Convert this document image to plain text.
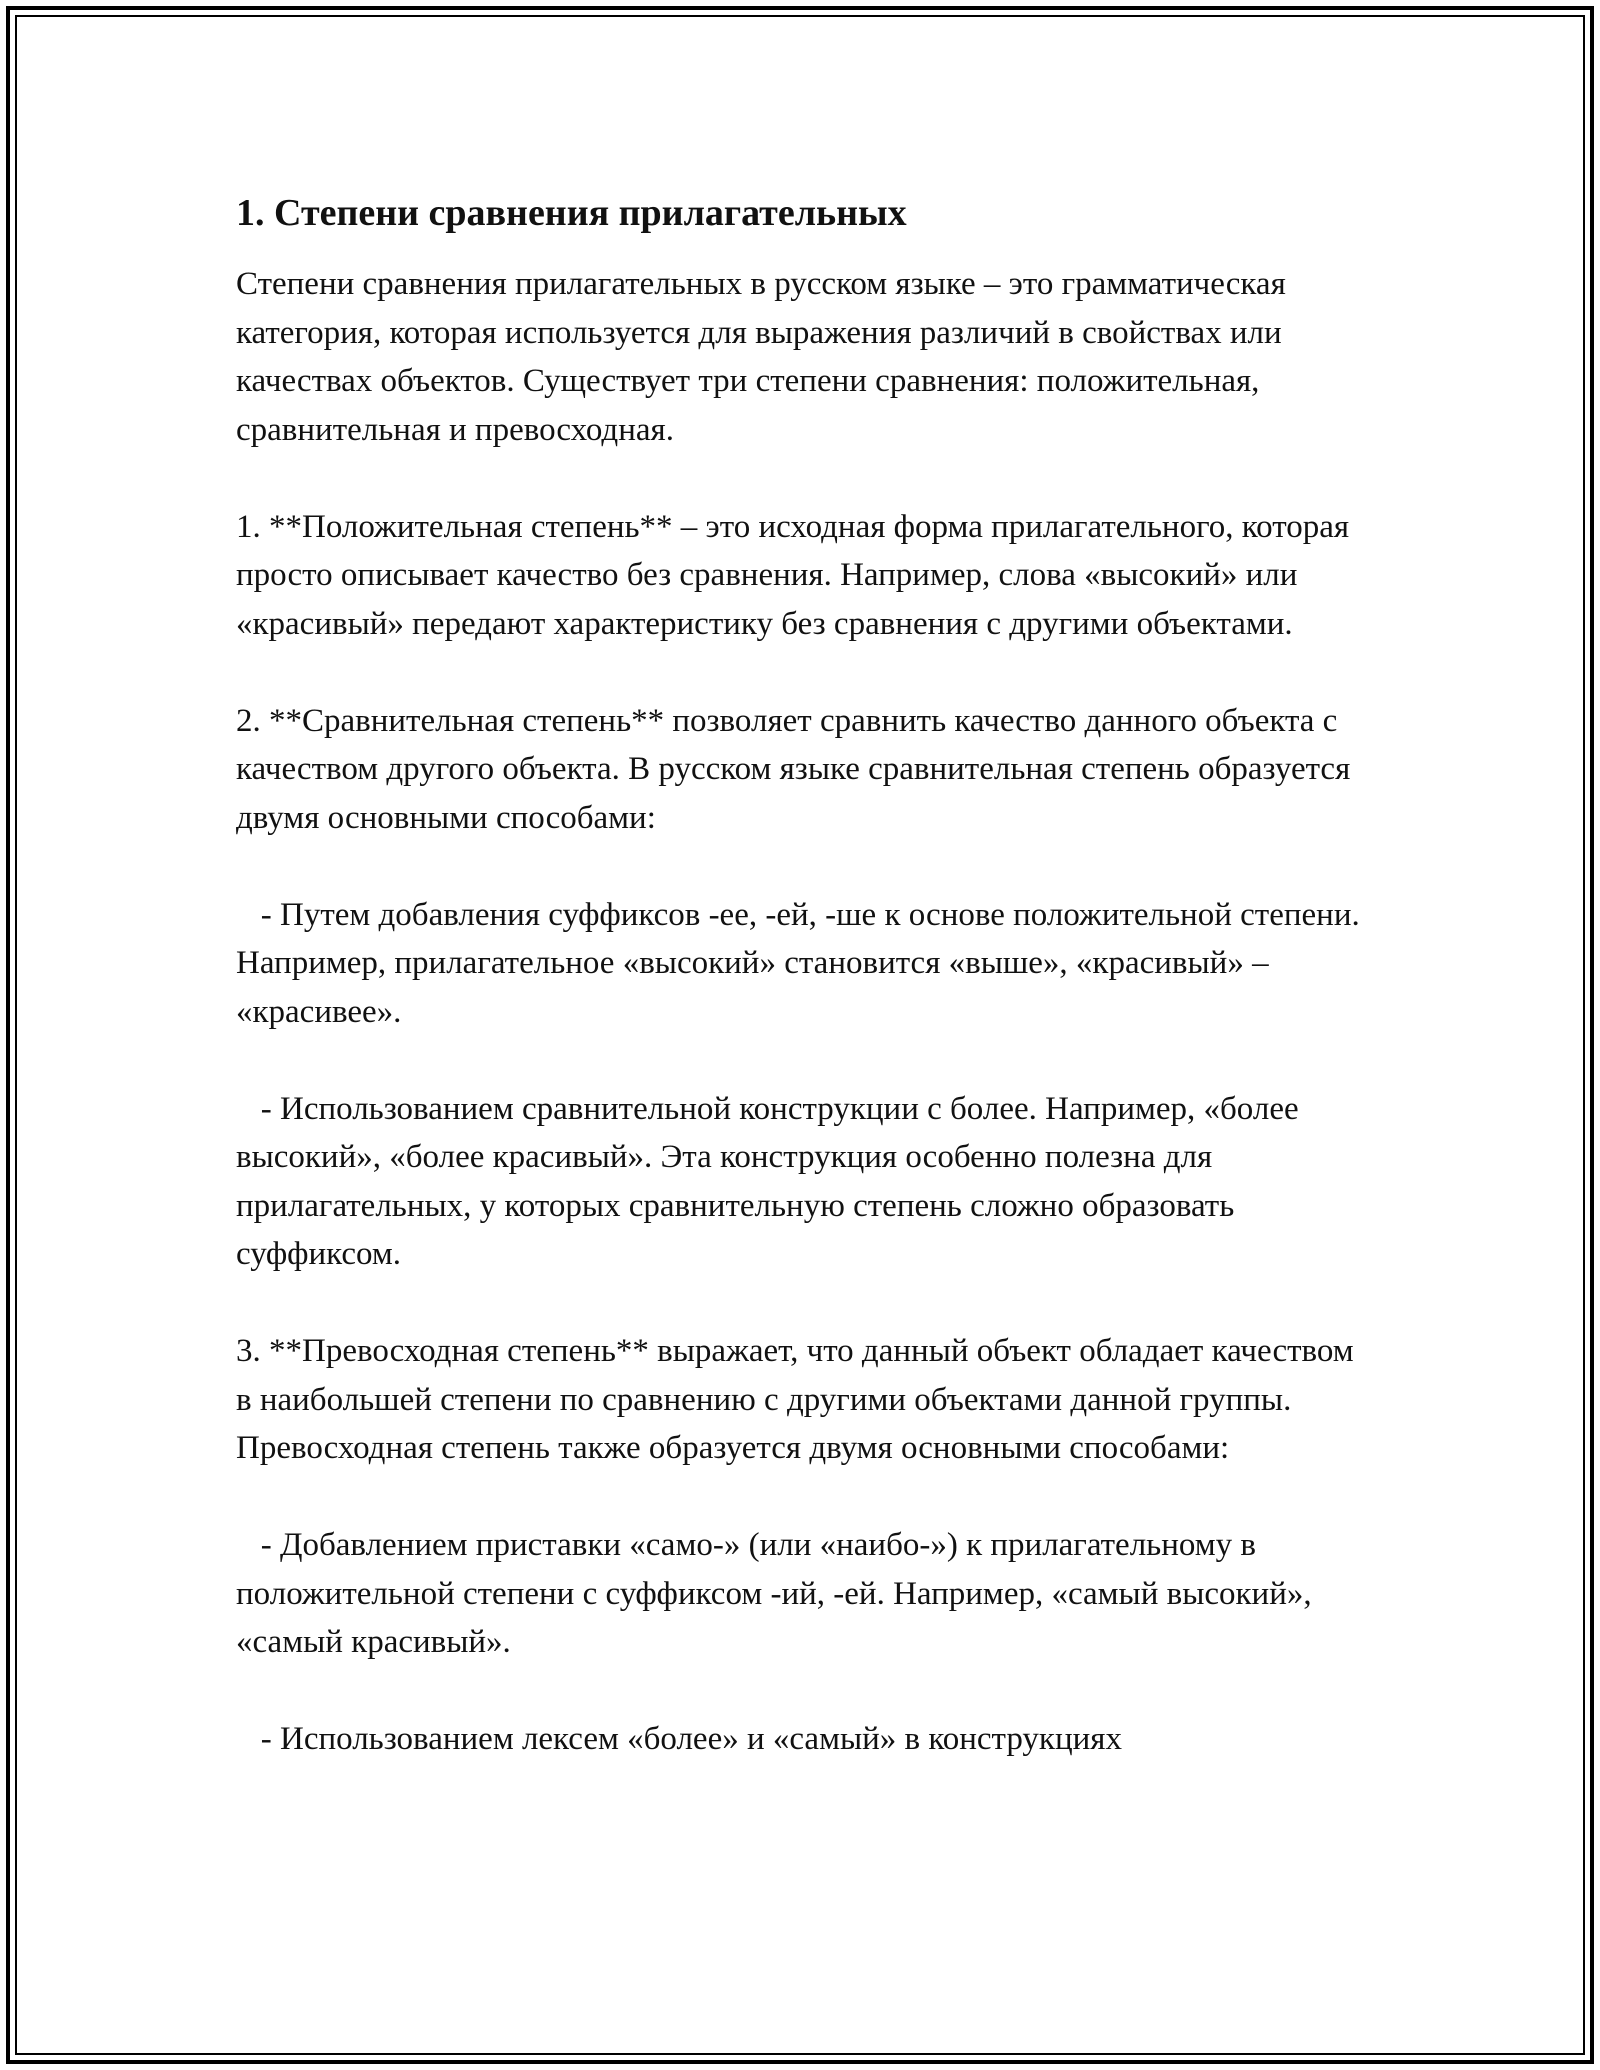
1. Степени сравнения прилагательных

Степени сравнения прилагательных в русском языке – это грамматическая категория, которая используется для выражения различий в свойствах или качествах объектов. Существует три степени сравнения: положительная, сравнительная и превосходная.

1. **Положительная степень** – это исходная форма прилагательного, которая просто описывает качество без сравнения. Например, слова «высокий» или «красивый» передают характеристику без сравнения с другими объектами.

2. **Сравнительная степень** позволяет сравнить качество данного объекта с качеством другого объекта. В русском языке сравнительная степень образуется двумя основными способами:

- Путем добавления суффиксов -ее, -ей, -ше к основе положительной степени. Например, прилагательное «высокий» становится «выше», «красивый» – «красивее».

- Использованием сравнительной конструкции с более. Например, «более высокий», «более красивый». Эта конструкция особенно полезна для прилагательных, у которых сравнительную степень сложно образовать суффиксом.

3. **Превосходная степень** выражает, что данный объект обладает качеством в наибольшей степени по сравнению с другими объектами данной группы. Превосходная степень также образуется двумя основными способами:

- Добавлением приставки «само-» (или «наибо-») к прилагательному в положительной степени с суффиксом -ий, -ей. Например, «самый высокий», «самый красивый».

- Использованием лексем «более» и «самый» в конструкциях
